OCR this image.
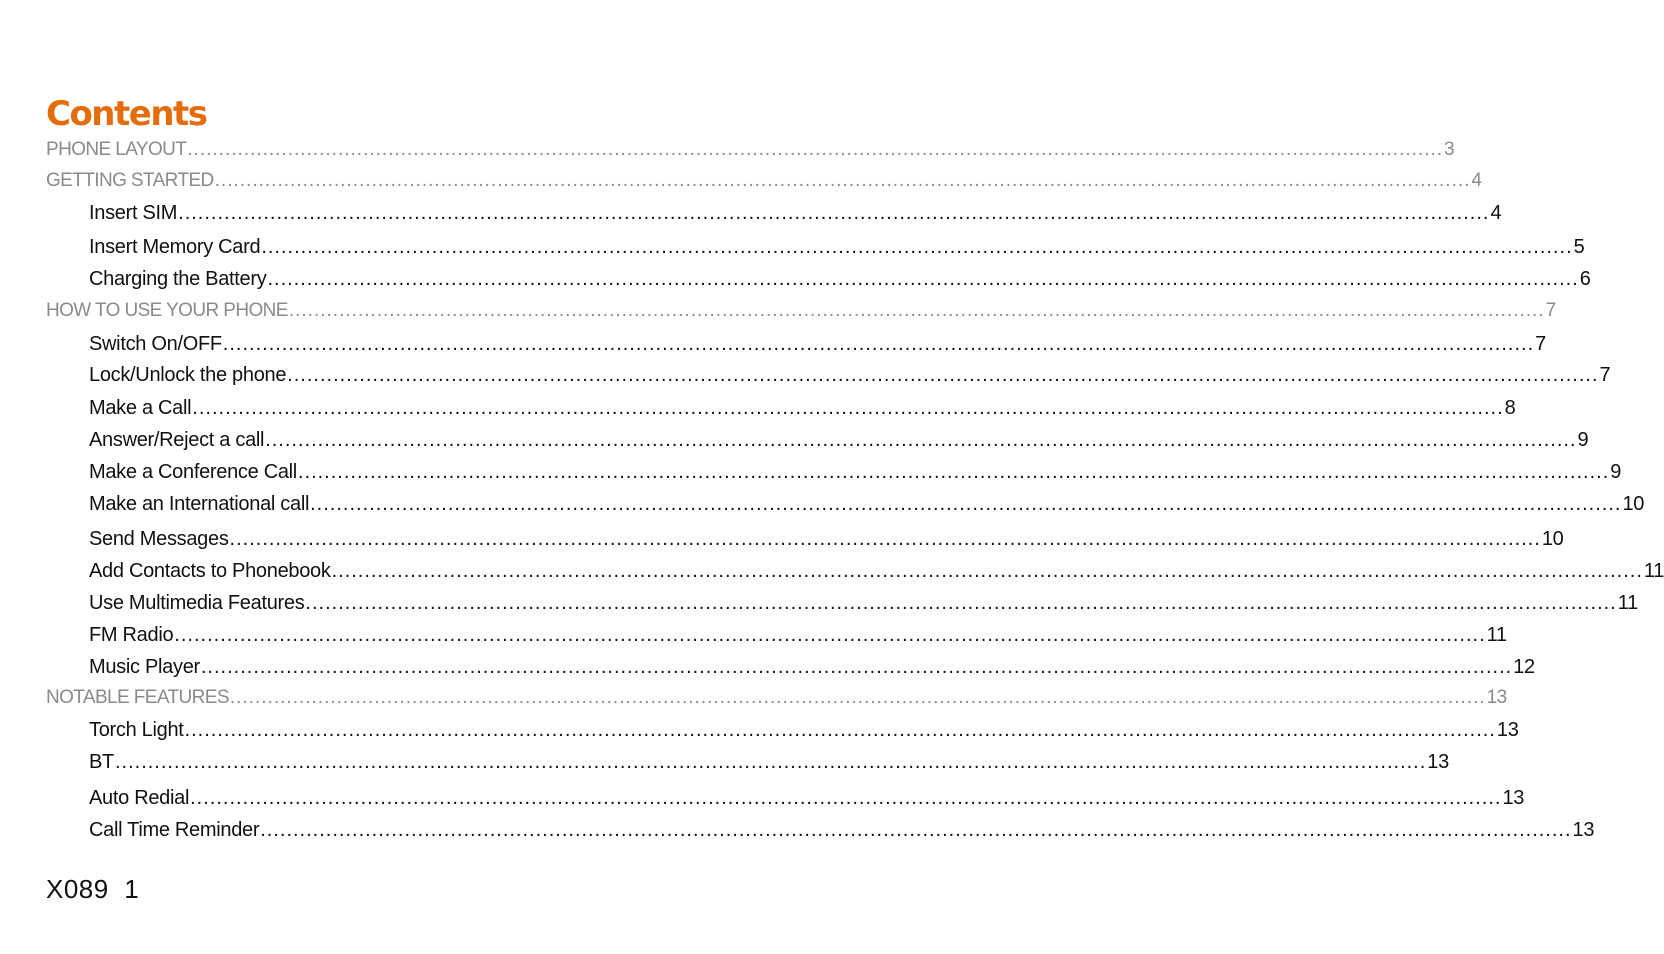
Contents
PHONE LAYOUT ........................................................................................................................................................................................................ 3
GETTING STARTED ........................................................................................................................................................................................................ 4
Insert SIM ........................................................................................................................................................................................................ 4
Insert Memory Card ........................................................................................................................................................................................................ 5
Charging the Battery ........................................................................................................................................................................................................ 6
HOW TO USE YOUR PHONE ........................................................................................................................................................................................................ 7
Switch On/OFF ........................................................................................................................................................................................................ 7
Lock/Unlock the phone ........................................................................................................................................................................................................ 7
Make a Call ........................................................................................................................................................................................................ 8
Answer/Reject a call ........................................................................................................................................................................................................ 9
Make a Conference Call ........................................................................................................................................................................................................ 9
Make an International call ........................................................................................................................................................................................................ 10
Send Messages ........................................................................................................................................................................................................ 10
Add Contacts to Phonebook ........................................................................................................................................................................................................ 11
Use Multimedia Features ........................................................................................................................................................................................................ 11
FM Radio ........................................................................................................................................................................................................ 11
Music Player ........................................................................................................................................................................................................ 12
NOTABLE FEATURES ........................................................................................................................................................................................................ 13
Torch Light ........................................................................................................................................................................................................ 13
BT ........................................................................................................................................................................................................ 13
Auto Redial ........................................................................................................................................................................................................ 13
Call Time Reminder ........................................................................................................................................................................................................ 13
X089 1
